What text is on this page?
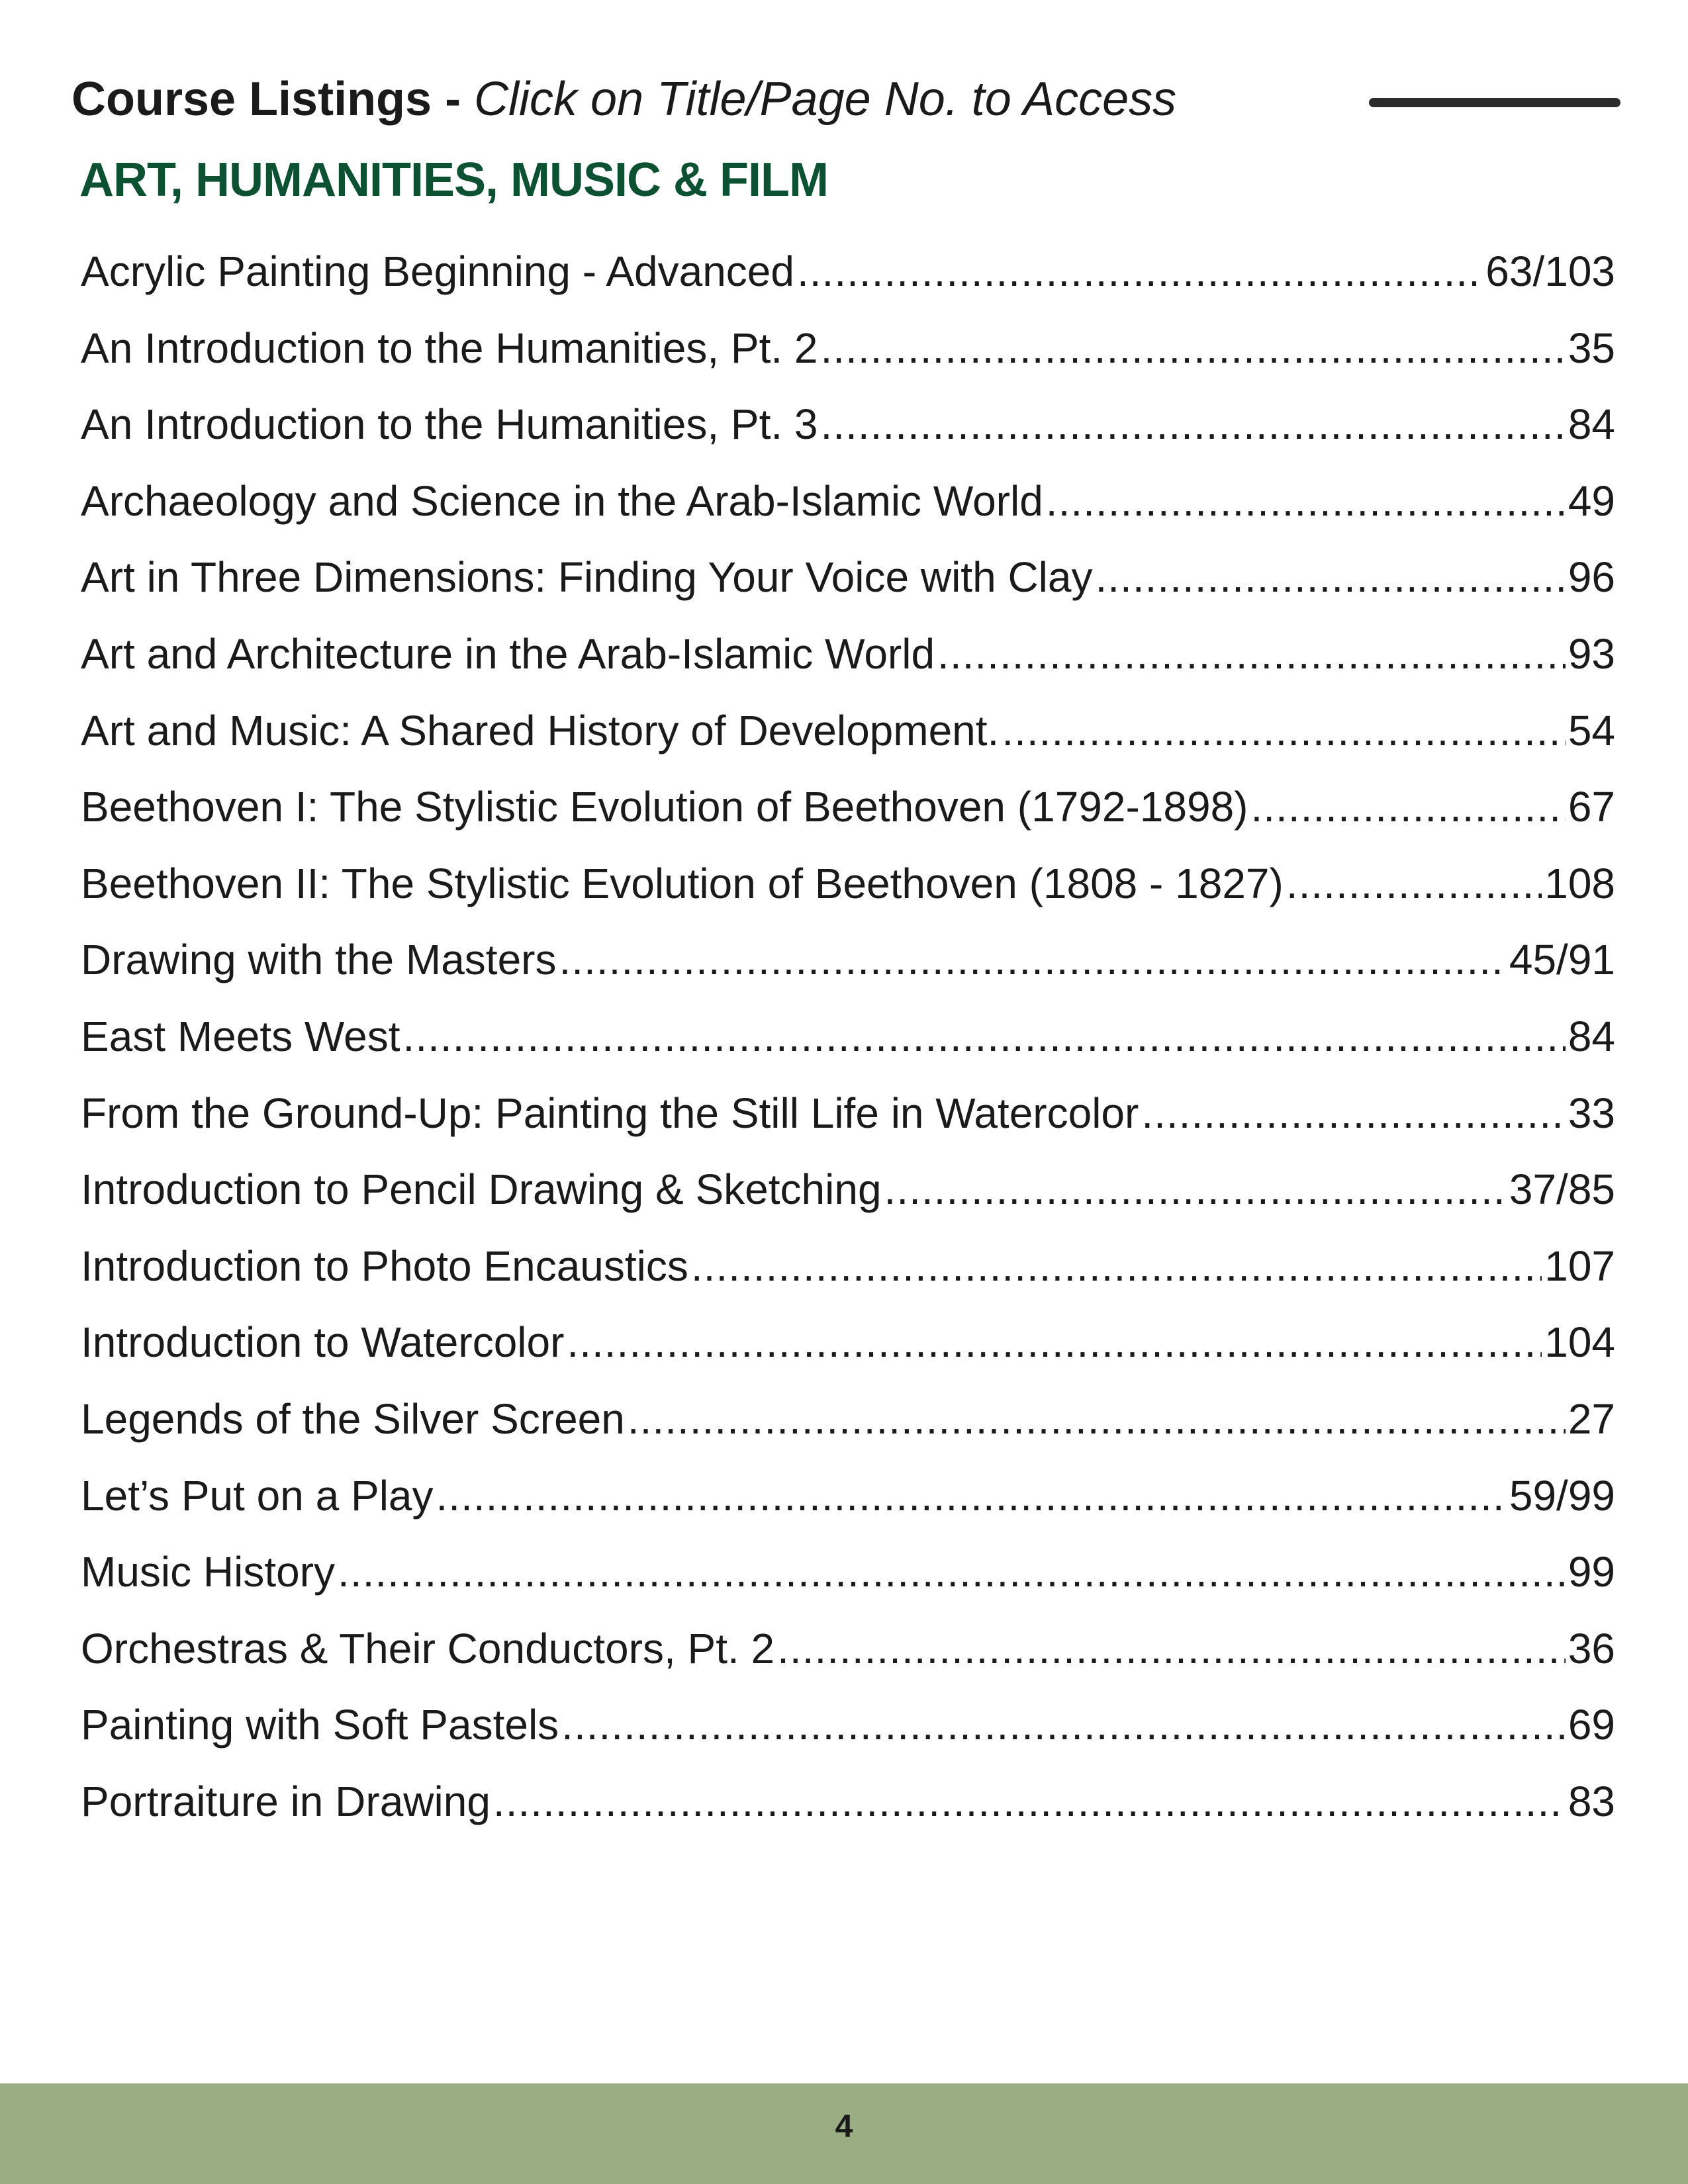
Course Listings - Click on Title/Page No. to Access
ART, HUMANITIES, MUSIC & FILM
Acrylic Painting Beginning - Advanced .....	63/103
An Introduction to the Humanities, Pt. 2 .....	35
An Introduction to the Humanities, Pt. 3 .....	84
Archaeology and Science in the Arab-Islamic World .....	49
Art in Three Dimensions: Finding Your Voice with Clay .....	96
Art and Architecture in the Arab-Islamic World .....	93
Art and Music: A Shared History of Development. .....	54
Beethoven I: The Stylistic Evolution of Beethoven (1792-1898) .....	67
Beethoven II: The Stylistic Evolution of Beethoven (1808 - 1827) .....	108
Drawing with the Masters .....	45/91
East Meets West .....	84
From the Ground-Up: Painting the Still Life in Watercolor .....	33
Introduction to Pencil Drawing & Sketching .....	37/85
Introduction to Photo Encaustics .....	107
Introduction to Watercolor .....	104
Legends of the Silver Screen .....	27
Let’s Put on a Play .....	59/99
Music History .....	99
Orchestras & Their Conductors, Pt. 2 .....	36
Painting with Soft Pastels .....	69
Portraiture in Drawing .....	83
4
